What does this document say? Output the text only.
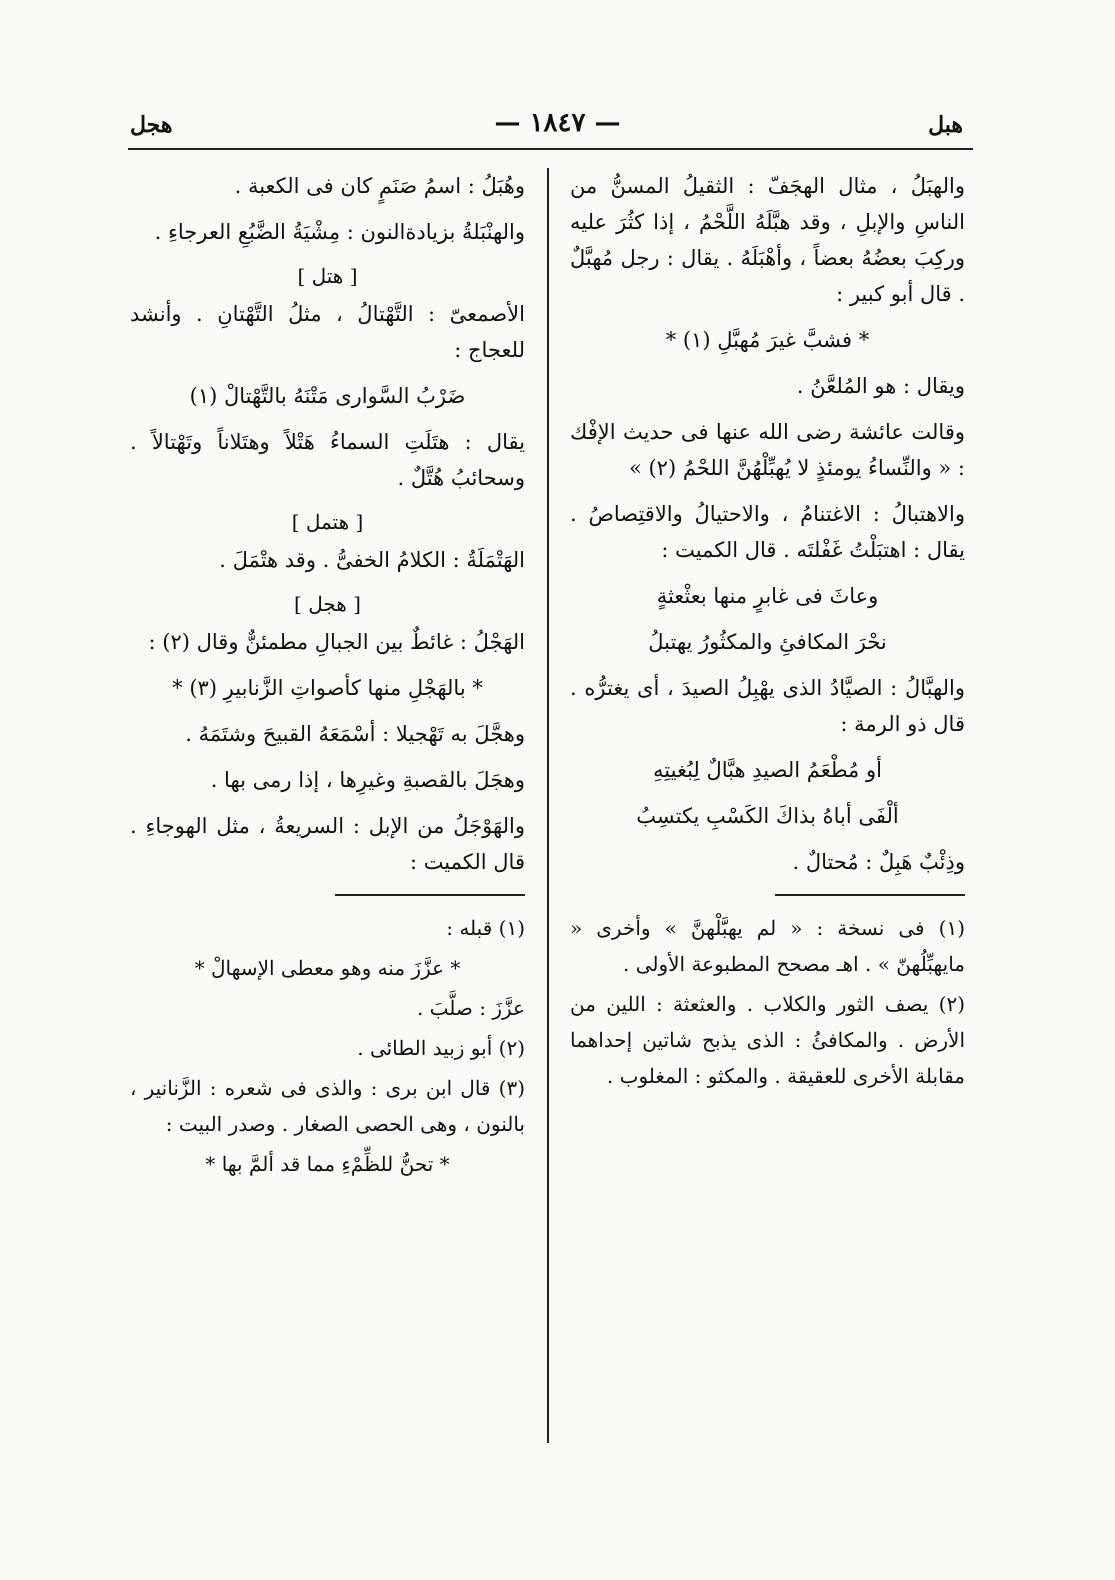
هبل
— ١٨٤٧ —
هجل

والهبَلُ ، مثال الهجَفّ : الثقيلُ المسنُّ من الناسِ والإبلِ ، وقد هبَّلَهُ اللَّحْمُ ، إذا كثُرَ عليه وركِبَ بعضُهُ بعضاً ، وأهْبَلَهُ . يقال : رجل مُهبَّلٌ . قال أبو كبير :

* فشبَّ غيرَ مُهبَّلِ (١) *

ويقال : هو المُلعَّنُ .

وقالت عائشة رضى الله عنها فى حديث الإفْك : « والنِّساءُ يومئذٍ لا يُهبِّلْهُنَّ اللحْمُ (٢) »

والاهتبالُ : الاغتنامُ ، والاحتيالُ والاقتِصاصُ . يقال : اهتبَلْتُ غَفْلتَه . قال الكميت :

وعاثَ فى غابرٍ منها بعثْعثةٍ

نحْرَ المكافئِ والمكثُورُ يهتبلُ

والهبَّالُ : الصيَّادُ الذى يهْبِلُ الصيدَ ، أى يغترُّه . قال ذو الرمة :

أو مُطْعَمُ الصيدِ هبَّالٌ لِبُغيتِهِ

ألْفَى أباهُ بذاكَ الكَسْبِ يكتسِبُ

وذِئْبٌ هَبِلٌ : مُحتالٌ .

(١) فى نسخة : « لم يهبَّلْهنَّ » وأخرى « مايهبِّلُهنّ » . اهـ مصحح المطبوعة الأولى .

(٢) يصف الثور والكلاب . والعثعثة : اللين من الأرض . والمكافئُ : الذى يذبح شاتين إحداهما مقابلة الأخرى للعقيقة . والمكثو : المغلوب .

وهُبَلُ : اسمُ صَنَمٍ كان فى الكعبة .

والهنْبَلةُ بزيادةالنون : مِشْيَةُ الضَّبُعِ العرجاءِ .

[ هتل ]

الأصمعىّ : التَّهْتالُ ، مثلُ التَّهْتانِ . وأنشد للعجاج :

ضَرْبُ السَّوارى مَتْنَهُ بالتَّهْتالْ (١)

يقال : هتَلَتِ السماءُ هَتْلاً وهتَلاناً وتَهْتالاً . وسحائبُ هُتَّلٌ .

[ هتمل ]

الهَتْمَلَةُ : الكلامُ الخفىُّ . وقد هتْمَلَ .

[ هجل ]

الهَجْلُ : غائطٌ بين الجبالِ مطمئنٌّ وقال (٢) :

* بالهَجْلِ منها كأصواتِ الزَّنابيرِ (٣) *

وهجَّلَ به تَهْجيلا : أسْمَعَهُ القبيحَ وشتَمَهُ .

وهجَلَ بالقصبةِ وغيرِها ، إذا رمى بها .

والهَوْجَلُ من الإبل : السريعةُ ، مثل الهوجاءِ . قال الكميت :

(١) قبله :

* عزَّزَ منه وهو معطى الإسهالْ *

عزَّزَ : صلَّبَ .

(٢) أبو زبيد الطائى .

(٣) قال ابن برى : والذى فى شعره : الزَّنانير ، بالنون ، وهى الحصى الصغار . وصدر البيت :

* تحنُّ للظِّمْءِ مما قد ألمَّ بها *
